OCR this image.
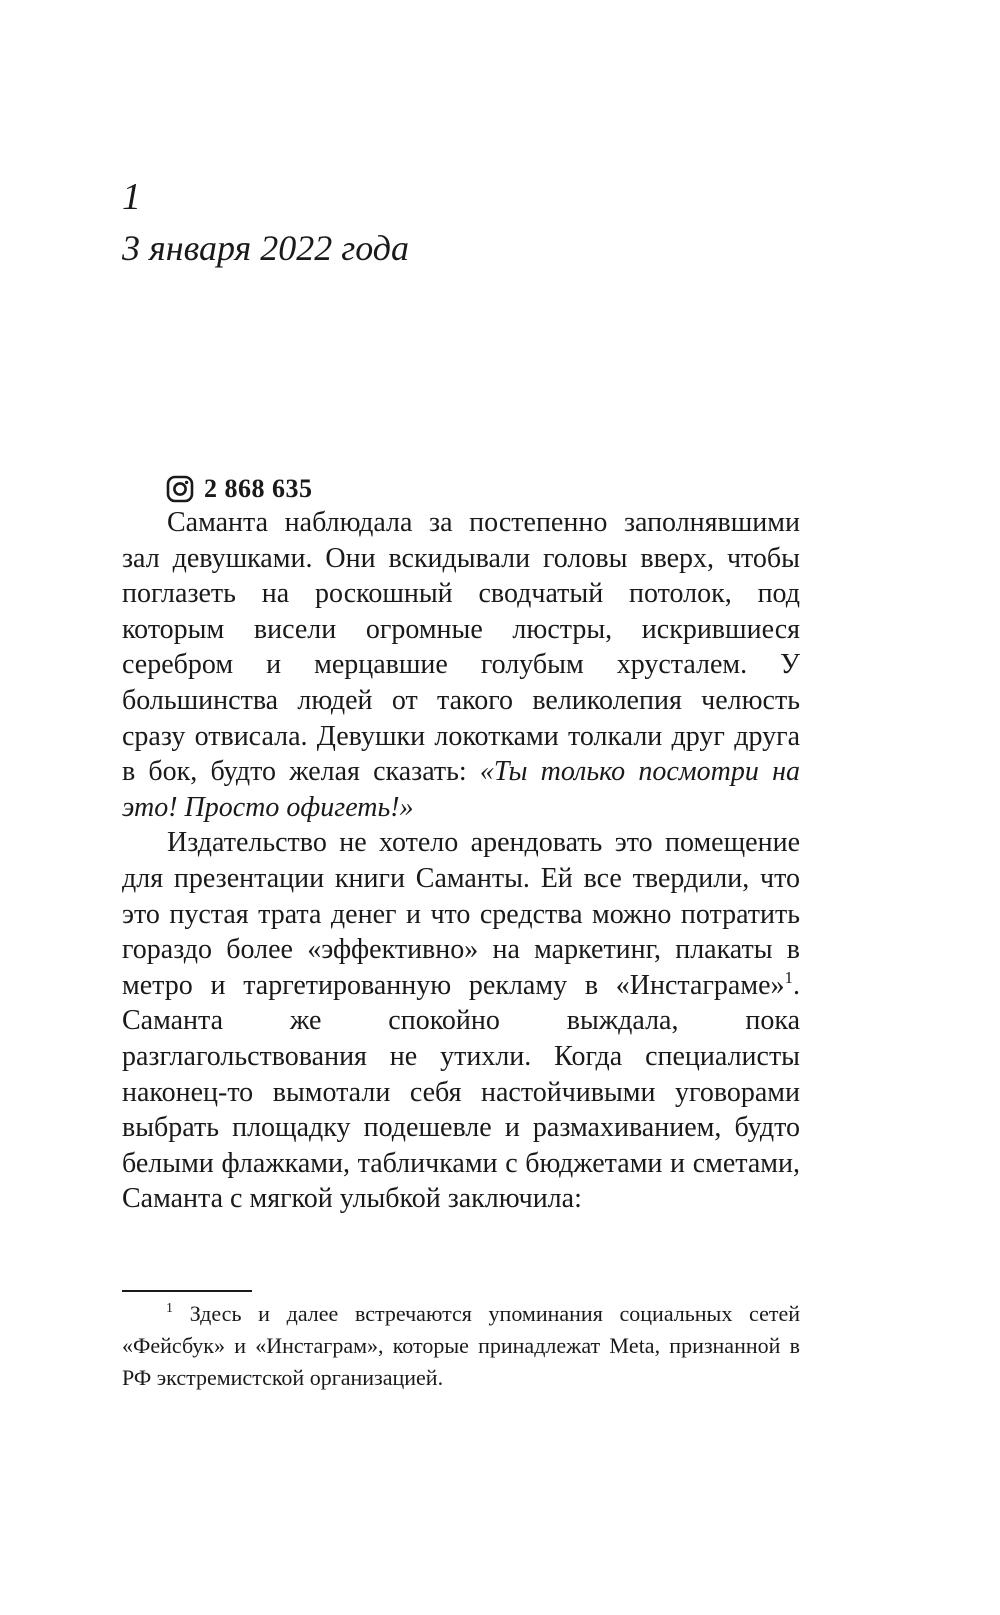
1
3 января 2022 года
2 868 635

Саманта наблюдала за постепенно заполнявшими зал девушками. Они вскидывали головы вверх, чтобы поглазеть на роскошный сводчатый потолок, под которым висели огромные люстры, искрившиеся серебром и мерцавшие голубым хрусталем. У большинства людей от такого великолепия челюсть сразу отвисала. Девушки локотками толкали друг друга в бок, будто желая сказать: «Ты только посмотри на это! Просто офигеть!»

Издательство не хотело арендовать это помещение для презентации книги Саманты. Ей все твердили, что это пустая трата денег и что средства можно потратить гораздо более «эффективно» на маркетинг, плакаты в метро и таргетированную рекламу в «Инстаграме»$^1$. Саманта же спокойно выждала, пока разглагольствования не утихли. Когда специалисты наконец-то вымотали себя настойчивыми уговорами выбрать площадку подешевле и размахиванием, будто белыми флажками, табличками с бюджетами и сметами, Саманта с мягкой улыбкой заключила:

$^1$ Здесь и далее встречаются упоминания социальных сетей «Фейсбук» и «Инстаграм», которые принадлежат Meta, признанной в РФ экстремистской организацией.
